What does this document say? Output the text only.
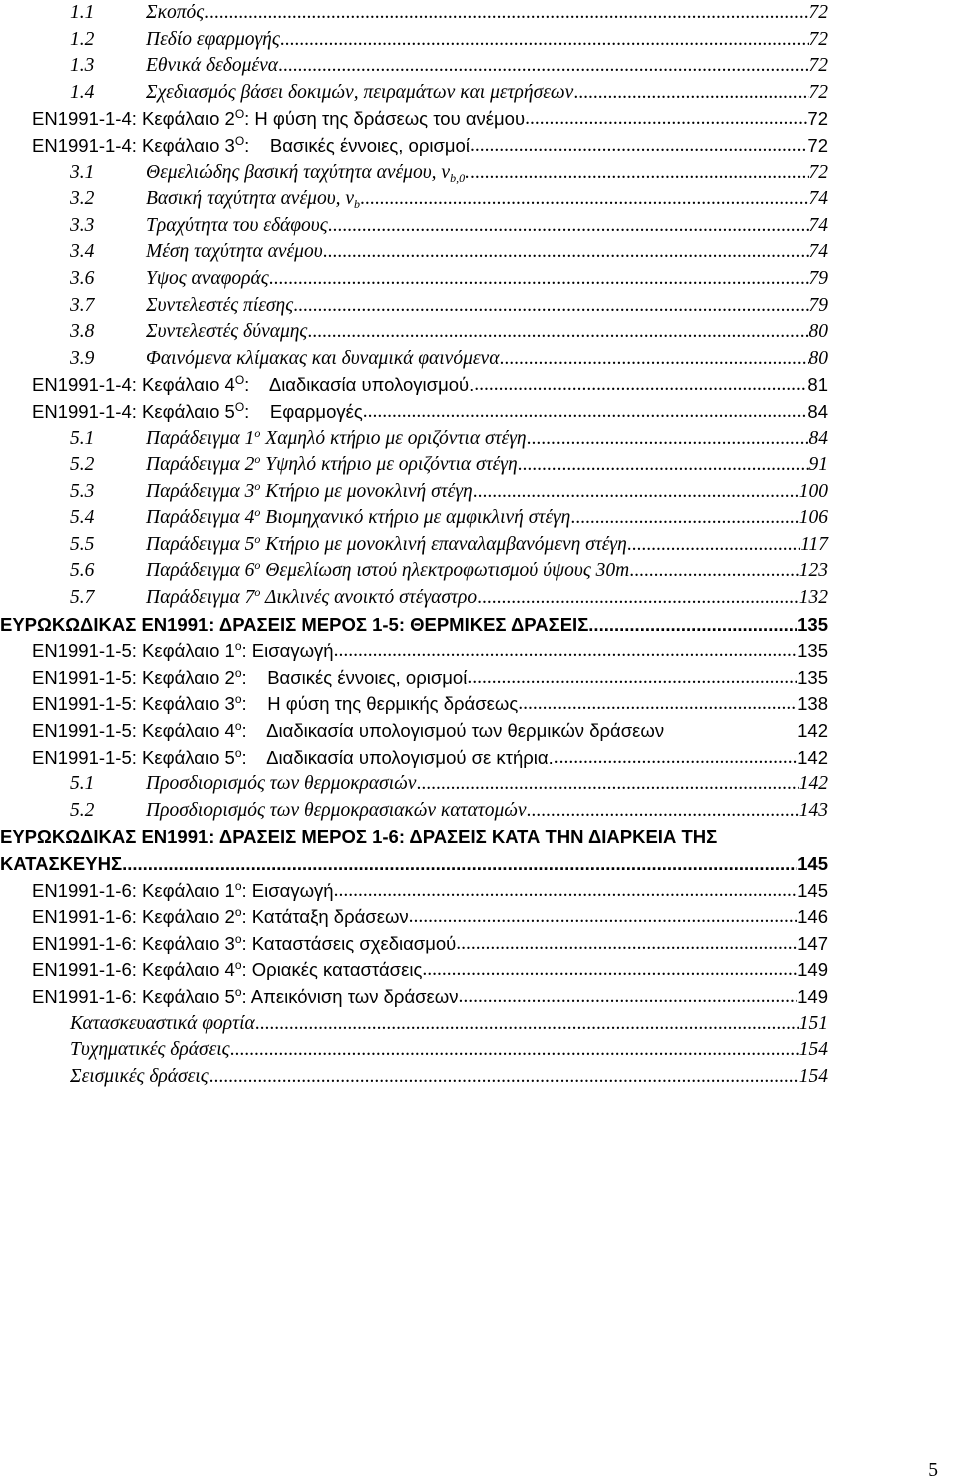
1.1	Σκοπός	72
.....
1.2	Πεδίο εφαρμογής	72
.....
1.3	Εθνικά δεδομένα	72
.....
1.4	Σχεδιασμός βάσει δοκιμών, πειραμάτων και μετρήσεων	72
.....
EN1991-1-4: Κεφάλαιο $2^O$: Η φύση της δράσεως του ανέμου	72
.....
EN1991-1-4: Κεφάλαιο $3^O$:    Βασικές έννοιες, ορισμοί	72
.....
3.1	Θεμελιώδης βασική ταχύτητα ανέμου, $v_{b,0}$.	72
.....
3.2	Βασική ταχύτητα ανέμου, $v_b$	74
.....
3.3	Τραχύτητα του εδάφους	74
.....
3.4	Μέση ταχύτητα ανέμου	74
.....
3.6	Υψος αναφοράς	79
.....
3.7	Συντελεστές πίεσης	79
.....
3.8	Συντελεστές δύναμης	80
.....
3.9	Φαινόμενα κλίμακας και δυναμικά φαινόμενα	80
.....
EN1991-1-4: Κεφάλαιο $4^O$:    Διαδικασία υπολογισμού.	81
.....
EN1991-1-4: Κεφάλαιο $5^O$:    Εφαρμογές	84
.....
5.1	Παράδειγμα $1^o$ Χαμηλό κτήριο με οριζόντια στέγη	84
.....
5.2	Παράδειγμα $2^o$ Υψηλό κτήριο με οριζόντια στέγη	91
.....
5.3	Παράδειγμα $3^o$ Κτήριο με μονοκλινή στέγη	100
.....
5.4	Παράδειγμα $4^o$ Βιομηχανικό κτήριο με αμφικλινή στέγη	106
.....
5.5	Παράδειγμα $5^o$ Κτήριο με μονοκλινή επαναλαμβανόμενη στέγη	117
.....
5.6	Παράδειγμα $6^o$ Θεμελίωση ιστού ηλεκτροφωτισμού ύψους 30m	123
.....
5.7	Παράδειγμα $7^o$ Δικλινές ανοικτό στέγαστρο	132
.....
ΕΥΡΩΚΩΔΙΚΑΣ ΕΝ1991: ΔΡΑΣΕΙΣ ΜΕΡΟΣ 1-5: ΘΕΡΜΙΚΕΣ ΔΡΑΣΕΙΣ..	135
.....
EN1991-1-5: Κεφάλαιο $1^o$: Εισαγωγή	135
.....
EN1991-1-5: Κεφάλαιο $2^o$:    Βασικές έννοιες, ορισμοί	135
.....
EN1991-1-5: Κεφάλαιο $3^o$:    Η φύση της θερμικής δράσεως	138
.....
EN1991-1-5: Κεφάλαιο $4^o$:    Διαδικασία υπολογισμού των θερμικών δράσεων	142
EN1991-1-5: Κεφάλαιο $5^o$:    Διαδικασία υπολογισμού σε κτήρια.	142
.....
5.1	Προσδιορισμός των θερμοκρασιών	142
.....
5.2	Προσδιορισμός των θερμοκρασιακών κατατομών	143
.....
ΕΥΡΩΚΩΔΙΚΑΣ ΕΝ1991: ΔΡΑΣΕΙΣ ΜΕΡΟΣ 1-6: ΔΡΑΣΕΙΣ ΚΑΤΑ ΤΗΝ ΔΙΑΡΚΕΙΑ ΤΗΣ
ΚΑΤΑΣΚΕΥΗΣ	145
.....
EN1991-1-6: Κεφάλαιο $1^o$: Εισαγωγή	145
.....
EN1991-1-6: Κεφάλαιο $2^o$: Κατάταξη δράσεων	146
.....
EN1991-1-6: Κεφάλαιο $3^o$: Καταστάσεις σχεδιασμού	147
.....
EN1991-1-6: Κεφάλαιο $4^o$: Οριακές καταστάσεις	149
.....
EN1991-1-6: Κεφάλαιο $5^o$: Απεικόνιση των δράσεων	149
.....
Κατασκευαστικά φορτία	151
.....
Τυχηματικές δράσεις	154
.....
Σεισμικές δράσεις	154
.....
5
